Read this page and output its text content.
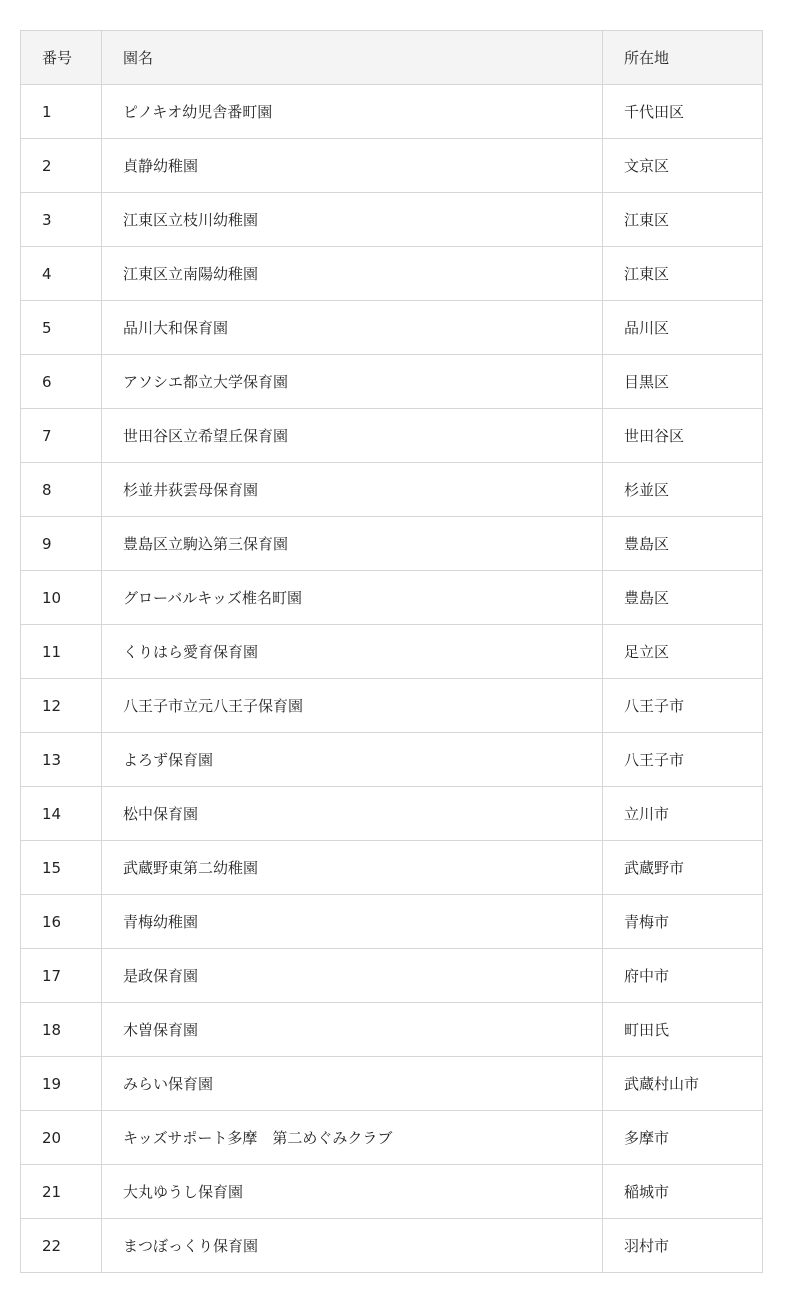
番号	園名	所在地
1	ピノキオ幼児舎番町園	千代田区
2	貞静幼稚園	文京区
3	江東区立枝川幼稚園	江東区
4	江東区立南陽幼稚園	江東区
5	品川大和保育園	品川区
6	アソシエ都立大学保育園	目黒区
7	世田谷区立希望丘保育園	世田谷区
8	杉並井荻雲母保育園	杉並区
9	豊島区立駒込第三保育園	豊島区
10	グローバルキッズ椎名町園	豊島区
11	くりはら愛育保育園	足立区
12	八王子市立元八王子保育園	八王子市
13	よろず保育園	八王子市
14	松中保育園	立川市
15	武蔵野東第二幼稚園	武蔵野市
16	青梅幼稚園	青梅市
17	是政保育園	府中市
18	木曽保育園	町田氏
19	みらい保育園	武蔵村山市
20	キッズサポート多摩　第二めぐみクラブ	多摩市
21	大丸ゆうし保育園	稲城市
22	まつぼっくり保育園	羽村市
